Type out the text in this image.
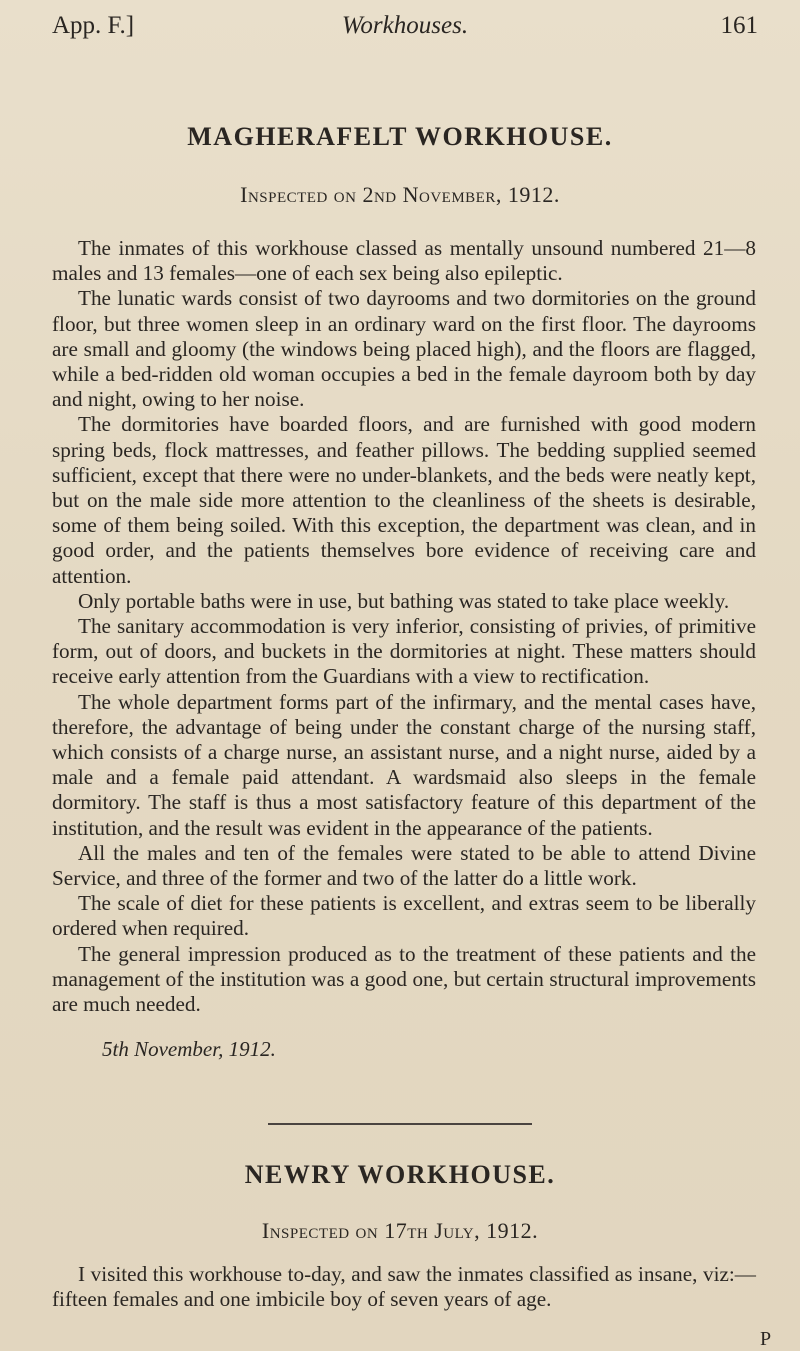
App. F.]	Workhouses.	161
MAGHERAFELT WORKHOUSE.

Inspected on 2nd November, 1912.

The inmates of this workhouse classed as mentally unsound numbered 21—8 males and 13 females—one of each sex being also epileptic.

The lunatic wards consist of two dayrooms and two dormitories on the ground floor, but three women sleep in an ordinary ward on the first floor. The dayrooms are small and gloomy (the windows being placed high), and the floors are flagged, while a bed-ridden old woman occupies a bed in the female dayroom both by day and night, owing to her noise.

The dormitories have boarded floors, and are furnished with good modern spring beds, flock mattresses, and feather pillows. The bedding supplied seemed sufficient, except that there were no under-blankets, and the beds were neatly kept, but on the male side more attention to the cleanliness of the sheets is desirable, some of them being soiled. With this exception, the department was clean, and in good order, and the patients themselves bore evidence of receiving care and attention.

Only portable baths were in use, but bathing was stated to take place weekly.

The sanitary accommodation is very inferior, consisting of privies, of primitive form, out of doors, and buckets in the dormitories at night. These matters should receive early attention from the Guardians with a view to rectification.

The whole department forms part of the infirmary, and the mental cases have, therefore, the advantage of being under the constant charge of the nursing staff, which consists of a charge nurse, an assistant nurse, and a night nurse, aided by a male and a female paid attendant. A wardsmaid also sleeps in the female dormitory. The staff is thus a most satisfactory feature of this department of the institution, and the result was evident in the appearance of the patients.

All the males and ten of the females were stated to be able to attend Divine Service, and three of the former and two of the latter do a little work.

The scale of diet for these patients is excellent, and extras seem to be liberally ordered when required.

The general impression produced as to the treatment of these patients and the management of the institution was a good one, but certain structural improvements are much needed.

5th November, 1912.
NEWRY WORKHOUSE.

Inspected on 17th July, 1912.

I visited this workhouse to-day, and saw the inmates classified as insane, viz:—fifteen females and one imbicile boy of seven years of age.

P
